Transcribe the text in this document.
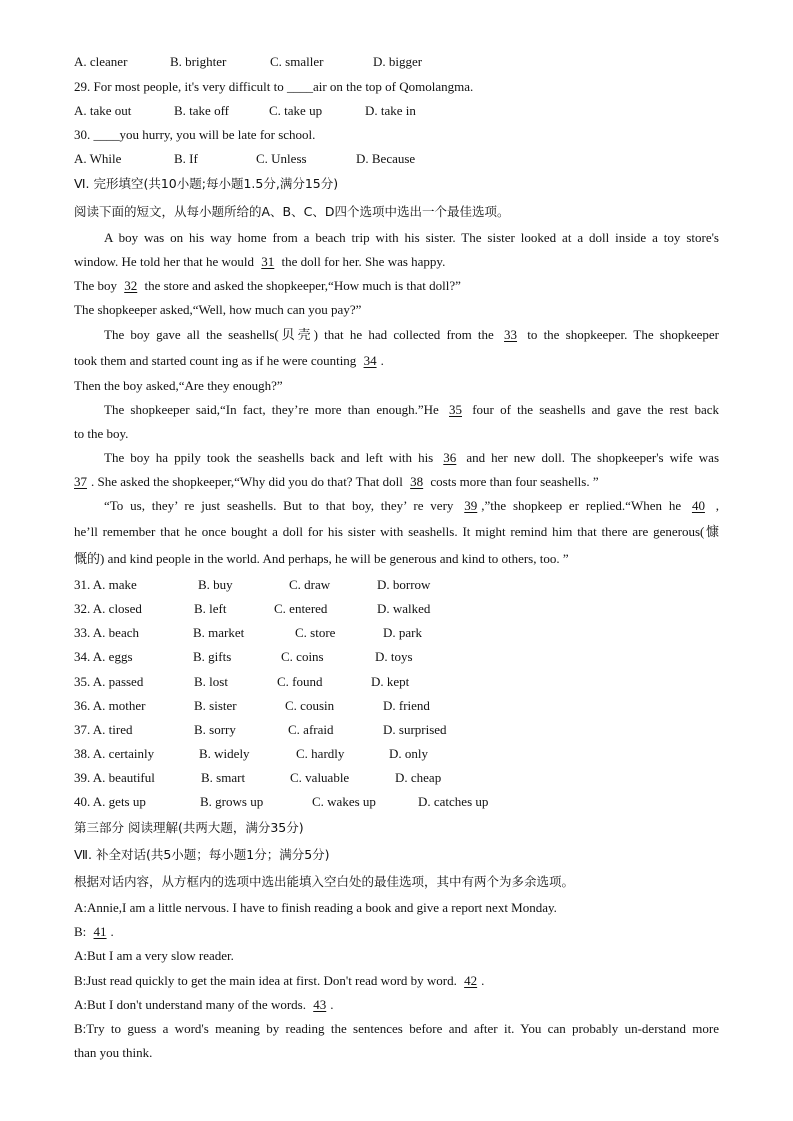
A. cleaner	B. brighter	C. smaller	D. bigger
29. For most people, it's very difficult to ____air on the top of Qomolangma.
A. take out	B. take off	C. take up	D. take in
30. ____you hurry, you will be late for school.
A. While	B. If	C. Unless	D. Because
Ⅵ. 完形填空(共10小题;每小题1.5分,满分15分)
阅读下面的短文，从每小题所给的A、B、C、D四个选项中选出一个最佳选项。
A boy was on his way home from a beach trip with his sister. The sister looked at a doll inside a toy store's
window. He told her that he would 31 the doll for her. She was happy.
The boy 32 the store and asked the shopkeeper,“How much is that doll?”
The shopkeeper asked,“Well, how much can you pay?”
The boy gave all the seashells(贝壳) that he had collected from the 33 to the shopkeeper. The shopkeeper
took them and started count ing as if he were counting 34 .
Then the boy asked,“Are they enough?”
The shopkeeper said,“In fact, they’re more than enough.”He 35 four of the seashells and gave the rest back
to the boy.
The boy ha ppily took the seashells back and left with his 36 and her new doll. The shopkeeper's wife was
37 . She asked the shopkeeper,“Why did you do that? That doll 38 costs more than four seashells. ”
“To us, they’ re just seashells. But to that boy, they’ re very 39 ,”the shopkeep er replied.“When he 40 ,
he’ll remember that he once bought a doll for his sister with seashells. It might remind him that there are generous(慷
慨的) and kind people in the world. And perhaps, he will be generous and kind to others, too. ”
31. A. make	B. buy	C. draw	D. borrow
32. A. closed	B. left	C. entered	D. walked
33. A. beach	B. market	C. store	D. park
34. A. eggs	B. gifts	C. coins	D. toys
35. A. passed	B. lost	C. found	D. kept
36. A. mother	B. sister	C. cousin	D. friend
37. A. tired	B. sorry	C. afraid	D. surprised
38. A. certainly	B. widely	C. hardly	D. only
39. A. beautiful	B. smart	C. valuable	D. cheap
40. A. gets up	B. grows up	C. wakes up	D. catches up
第三部分 阅读理解(共两大题，满分35分)
Ⅶ. 补全对话(共5小题；每小题1分；满分5分)
根据对话内容，从方框内的选项中选出能填入空白处的最佳选项，其中有两个为多余选项。
A:Annie,I am a little nervous. I have to finish reading a book and give a report next Monday.
B: 41 .
A:But I am a very slow reader.
B:Just read quickly to get the main idea at first. Don't read word by word. 42 .
A:But I don't understand many of the words. 43 .
B:Try to guess a word's meaning by reading the sentences before and after it. You can probably un-derstand more
than you think.
